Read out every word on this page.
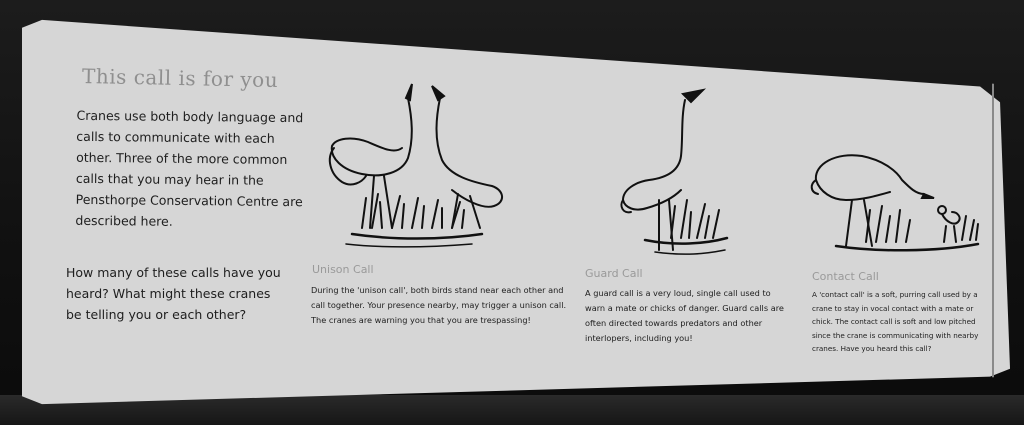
This call is for you
Cranes use both body language and calls to communicate with each other. Three of the more common calls that you may hear in the Pensthorpe Conservation Centre are described here.
How many of these calls have you heard? What might these cranes be telling you or each other?
Unison Call
During the 'unison call', both birds stand near each other and call together. Your presence nearby, may trigger a unison call. The cranes are warning you that you are trespassing!
Guard Call
A guard call is a very loud, single call used to warn a mate or chicks of danger. Guard calls are often directed towards predators and other interlopers, including you!
Contact Call
A 'contact call' is a soft, purring call used by a crane to stay in vocal contact with a mate or chick. The contact call is soft and low pitched since the crane is communicating with nearby cranes. Have you heard this call?
